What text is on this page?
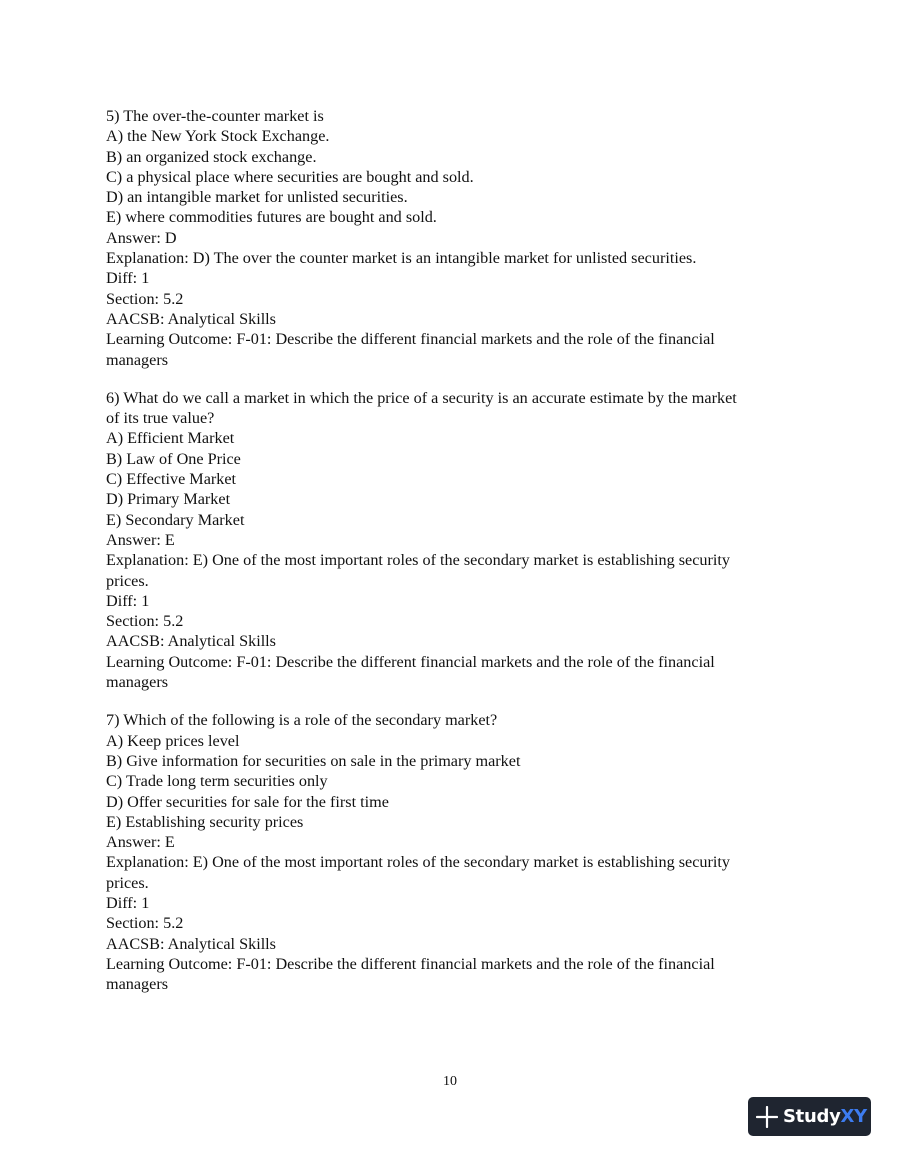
5) The over-the-counter market is
A) the New York Stock Exchange.
B) an organized stock exchange.
C) a physical place where securities are bought and sold.
D) an intangible market for unlisted securities.
E) where commodities futures are bought and sold.
Answer: D
Explanation: D) The over the counter market is an intangible market for unlisted securities.
Diff: 1
Section: 5.2
AACSB: Analytical Skills
Learning Outcome: F-01: Describe the different financial markets and the role of the financial
managers
6) What do we call a market in which the price of a security is an accurate estimate by the market
of its true value?
A) Efficient Market
B) Law of One Price
C) Effective Market
D) Primary Market
E) Secondary Market
Answer: E
Explanation: E) One of the most important roles of the secondary market is establishing security
prices.
Diff: 1
Section: 5.2
AACSB: Analytical Skills
Learning Outcome: F-01: Describe the different financial markets and the role of the financial
managers
7) Which of the following is a role of the secondary market?
A) Keep prices level
B) Give information for securities on sale in the primary market
C) Trade long term securities only
D) Offer securities for sale for the first time
E) Establishing security prices
Answer: E
Explanation: E) One of the most important roles of the secondary market is establishing security
prices.
Diff: 1
Section: 5.2
AACSB: Analytical Skills
Learning Outcome: F-01: Describe the different financial markets and the role of the financial
managers
10
StudyXY
